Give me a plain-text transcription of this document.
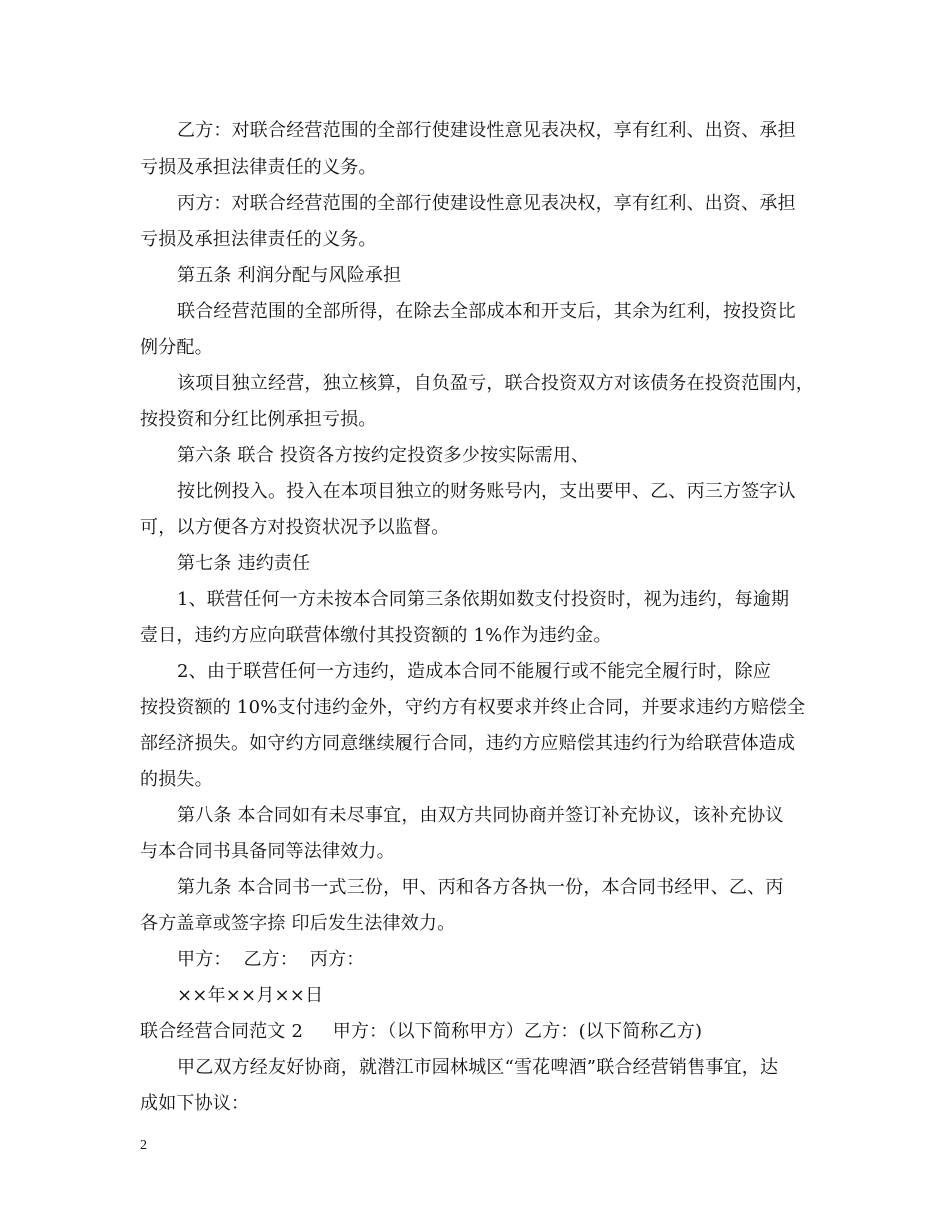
乙方：对联合经营范围的全部行使建设性意见表决权，享有红利、出资、承担
亏损及承担法律责任的义务。
丙方：对联合经营范围的全部行使建设性意见表决权，享有红利、出资、承担
亏损及承担法律责任的义务。
第五条 利润分配与风险承担
联合经营范围的全部所得，在除去全部成本和开支后，其余为红利，按投资比
例分配。
该项目独立经营，独立核算，自负盈亏，联合投资双方对该债务在投资范围内，
按投资和分红比例承担亏损。
第六条 联合 投资各方按约定投资多少按实际需用、
按比例投入。投入在本项目独立的财务账号内，支出要甲、乙、丙三方签字认
可，以方便各方对投资状况予以监督。
第七条 违约责任
1、联营任何一方未按本合同第三条依期如数支付投资时，视为违约，每逾期
壹日，违约方应向联营体缴付其投资额的 1%作为违约金。
2、由于联营任何一方违约，造成本合同不能履行或不能完全履行时，除应
按投资额的 10%支付违约金外，守约方有权要求并终止合同，并要求违约方赔偿全
部经济损失。如守约方同意继续履行合同，违约方应赔偿其违约行为给联营体造成
的损失。
第八条 本合同如有未尽事宜，由双方共同协商并签订补充协议，该补充协议
与本合同书具备同等法律效力。
第九条 本合同书一式三份，甲、丙和各方各执一份，本合同书经甲、乙、丙
各方盖章或签字捺 印后发生法律效力。
甲方：  乙方：  丙方：
××年××月××日
联合经营合同范文 2     甲方：（以下简称甲方）乙方：(以下简称乙方)
甲乙双方经友好协商，就潜江市园林城区“雪花啤酒”联合经营销售事宜，达
成如下协议：
2
